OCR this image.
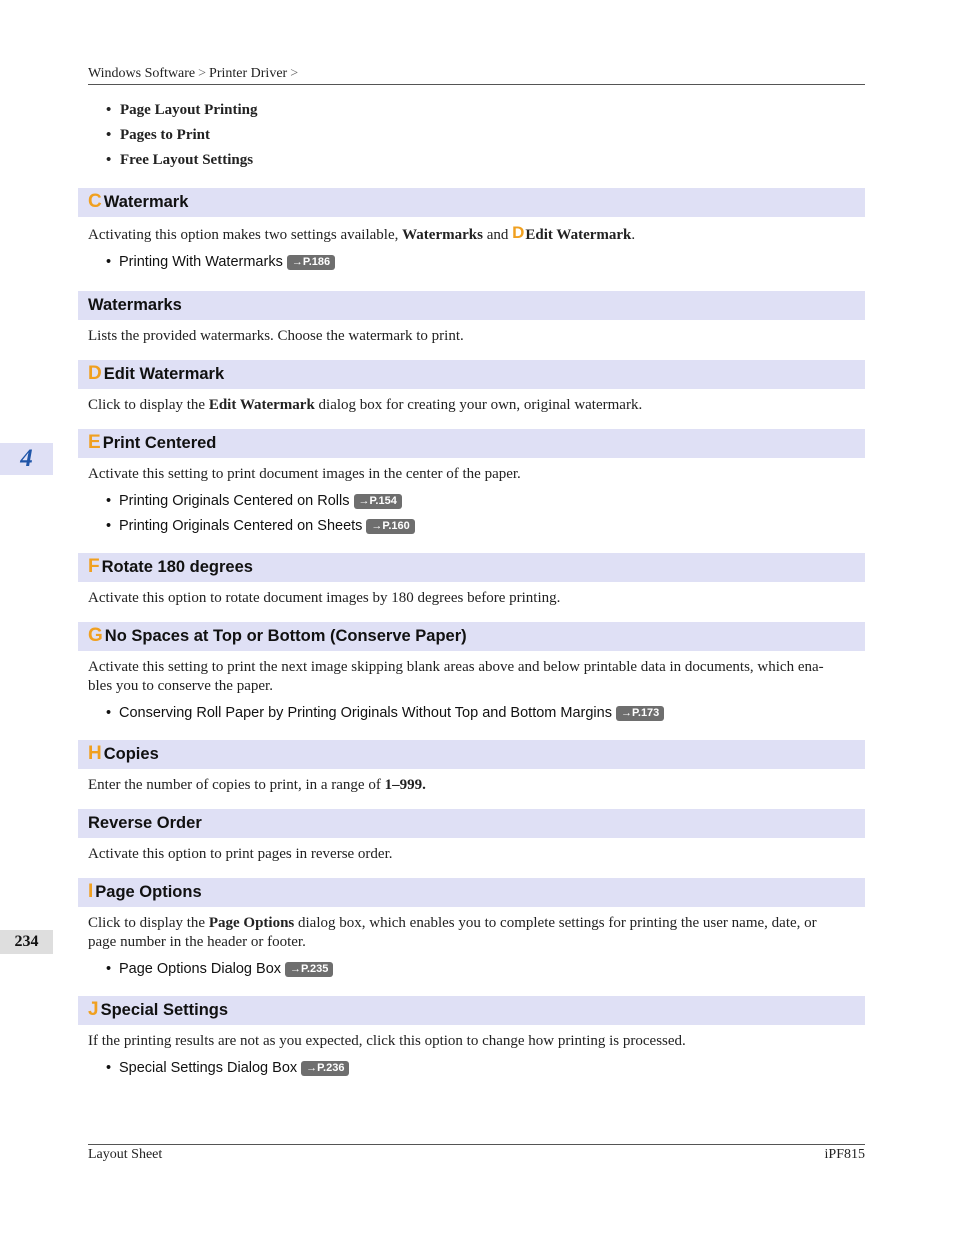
Windows Software > Printer Driver >
• Page Layout Printing
• Pages to Print
• Free Layout Settings
C Watermark
Activating this option makes two settings available, Watermarks and DEdit Watermark.
• Printing With Watermarks →P.186
Watermarks
Lists the provided watermarks. Choose the watermark to print.
D Edit Watermark
Click to display the Edit Watermark dialog box for creating your own, original watermark.
E Print Centered
Activate this setting to print document images in the center of the paper.
• Printing Originals Centered on Rolls →P.154
• Printing Originals Centered on Sheets →P.160
F Rotate 180 degrees
Activate this option to rotate document images by 180 degrees before printing.
G No Spaces at Top or Bottom (Conserve Paper)
Activate this setting to print the next image skipping blank areas above and below printable data in documents, which ena-
bles you to conserve the paper.
• Conserving Roll Paper by Printing Originals Without Top and Bottom Margins →P.173
H Copies
Enter the number of copies to print, in a range of 1–999.
Reverse Order
Activate this option to print pages in reverse order.
I Page Options
Click to display the Page Options dialog box, which enables you to complete settings for printing the user name, date, or
page number in the header or footer.
• Page Options Dialog Box →P.235
J Special Settings
If the printing results are not as you expected, click this option to change how printing is processed.
• Special Settings Dialog Box →P.236
4
234
Layout Sheet	iPF815
